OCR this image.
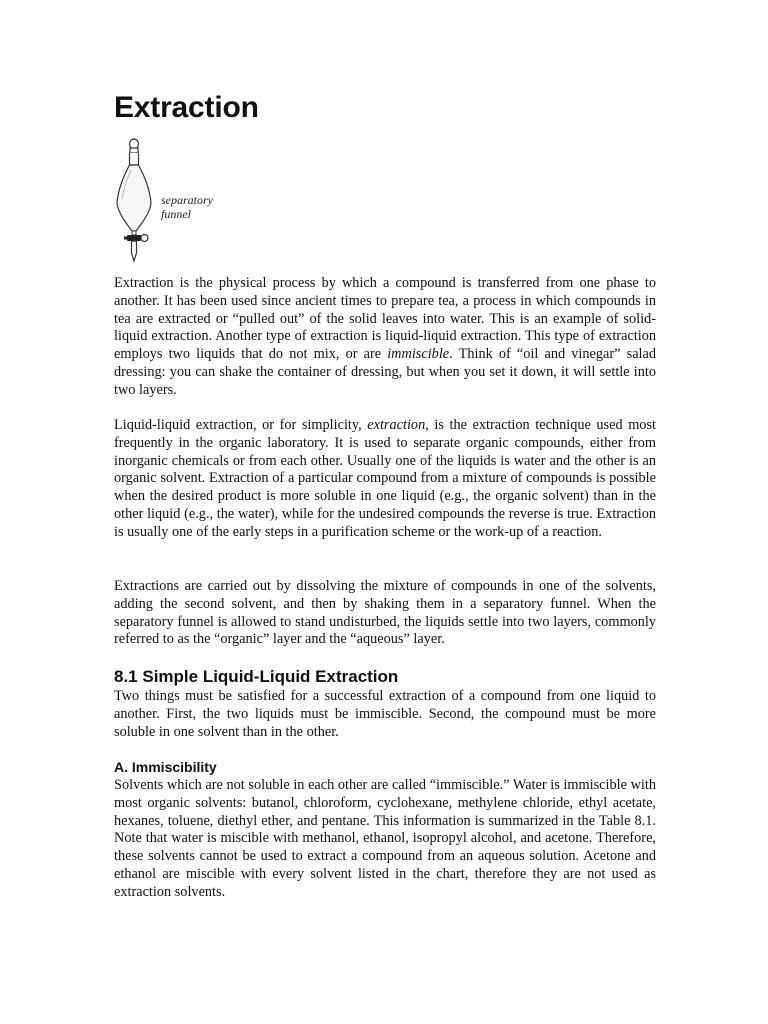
Extraction
separatory
funnel

Extraction is the physical process by which a compound is transferred from one phase to another. It has been used since ancient times to prepare tea, a process in which compounds in tea are extracted or “pulled out” of the solid leaves into water. This is an example of solid-liquid extraction. Another type of extraction is liquid-liquid extraction. This type of extraction employs two liquids that do not mix, or are immiscible. Think of “oil and vinegar” salad dressing: you can shake the container of dressing, but when you set it down, it will settle into two layers.

Liquid-liquid extraction, or for simplicity, extraction, is the extraction technique used most frequently in the organic laboratory. It is used to separate organic compounds, either from inorganic chemicals or from each other. Usually one of the liquids is water and the other is an organic solvent. Extraction of a particular compound from a mixture of compounds is possible when the desired product is more soluble in one liquid (e.g., the organic solvent) than in the other liquid (e.g., the water), while for the undesired compounds the reverse is true. Extraction is usually one of the early steps in a purification scheme or the work-up of a reaction.

Extractions are carried out by dissolving the mixture of compounds in one of the solvents, adding the second solvent, and then by shaking them in a separatory funnel. When the separatory funnel is allowed to stand undisturbed, the liquids settle into two layers, commonly referred to as the “organic” layer and the “aqueous” layer.

8.1 Simple Liquid-Liquid Extraction

Two things must be satisfied for a successful extraction of a compound from one liquid to another. First, the two liquids must be immiscible. Second, the compound must be more soluble in one solvent than in the other.

A. Immiscibility

Solvents which are not soluble in each other are called “immiscible.” Water is immiscible with most organic solvents: butanol, chloroform, cyclohexane, methylene chloride, ethyl acetate, hexanes, toluene, diethyl ether, and pentane. This information is summarized in the Table 8.1. Note that water is miscible with methanol, ethanol, isopropyl alcohol, and acetone. Therefore, these solvents cannot be used to extract a compound from an aqueous solution. Acetone and ethanol are miscible with every solvent listed in the chart, therefore they are not used as extraction solvents.
